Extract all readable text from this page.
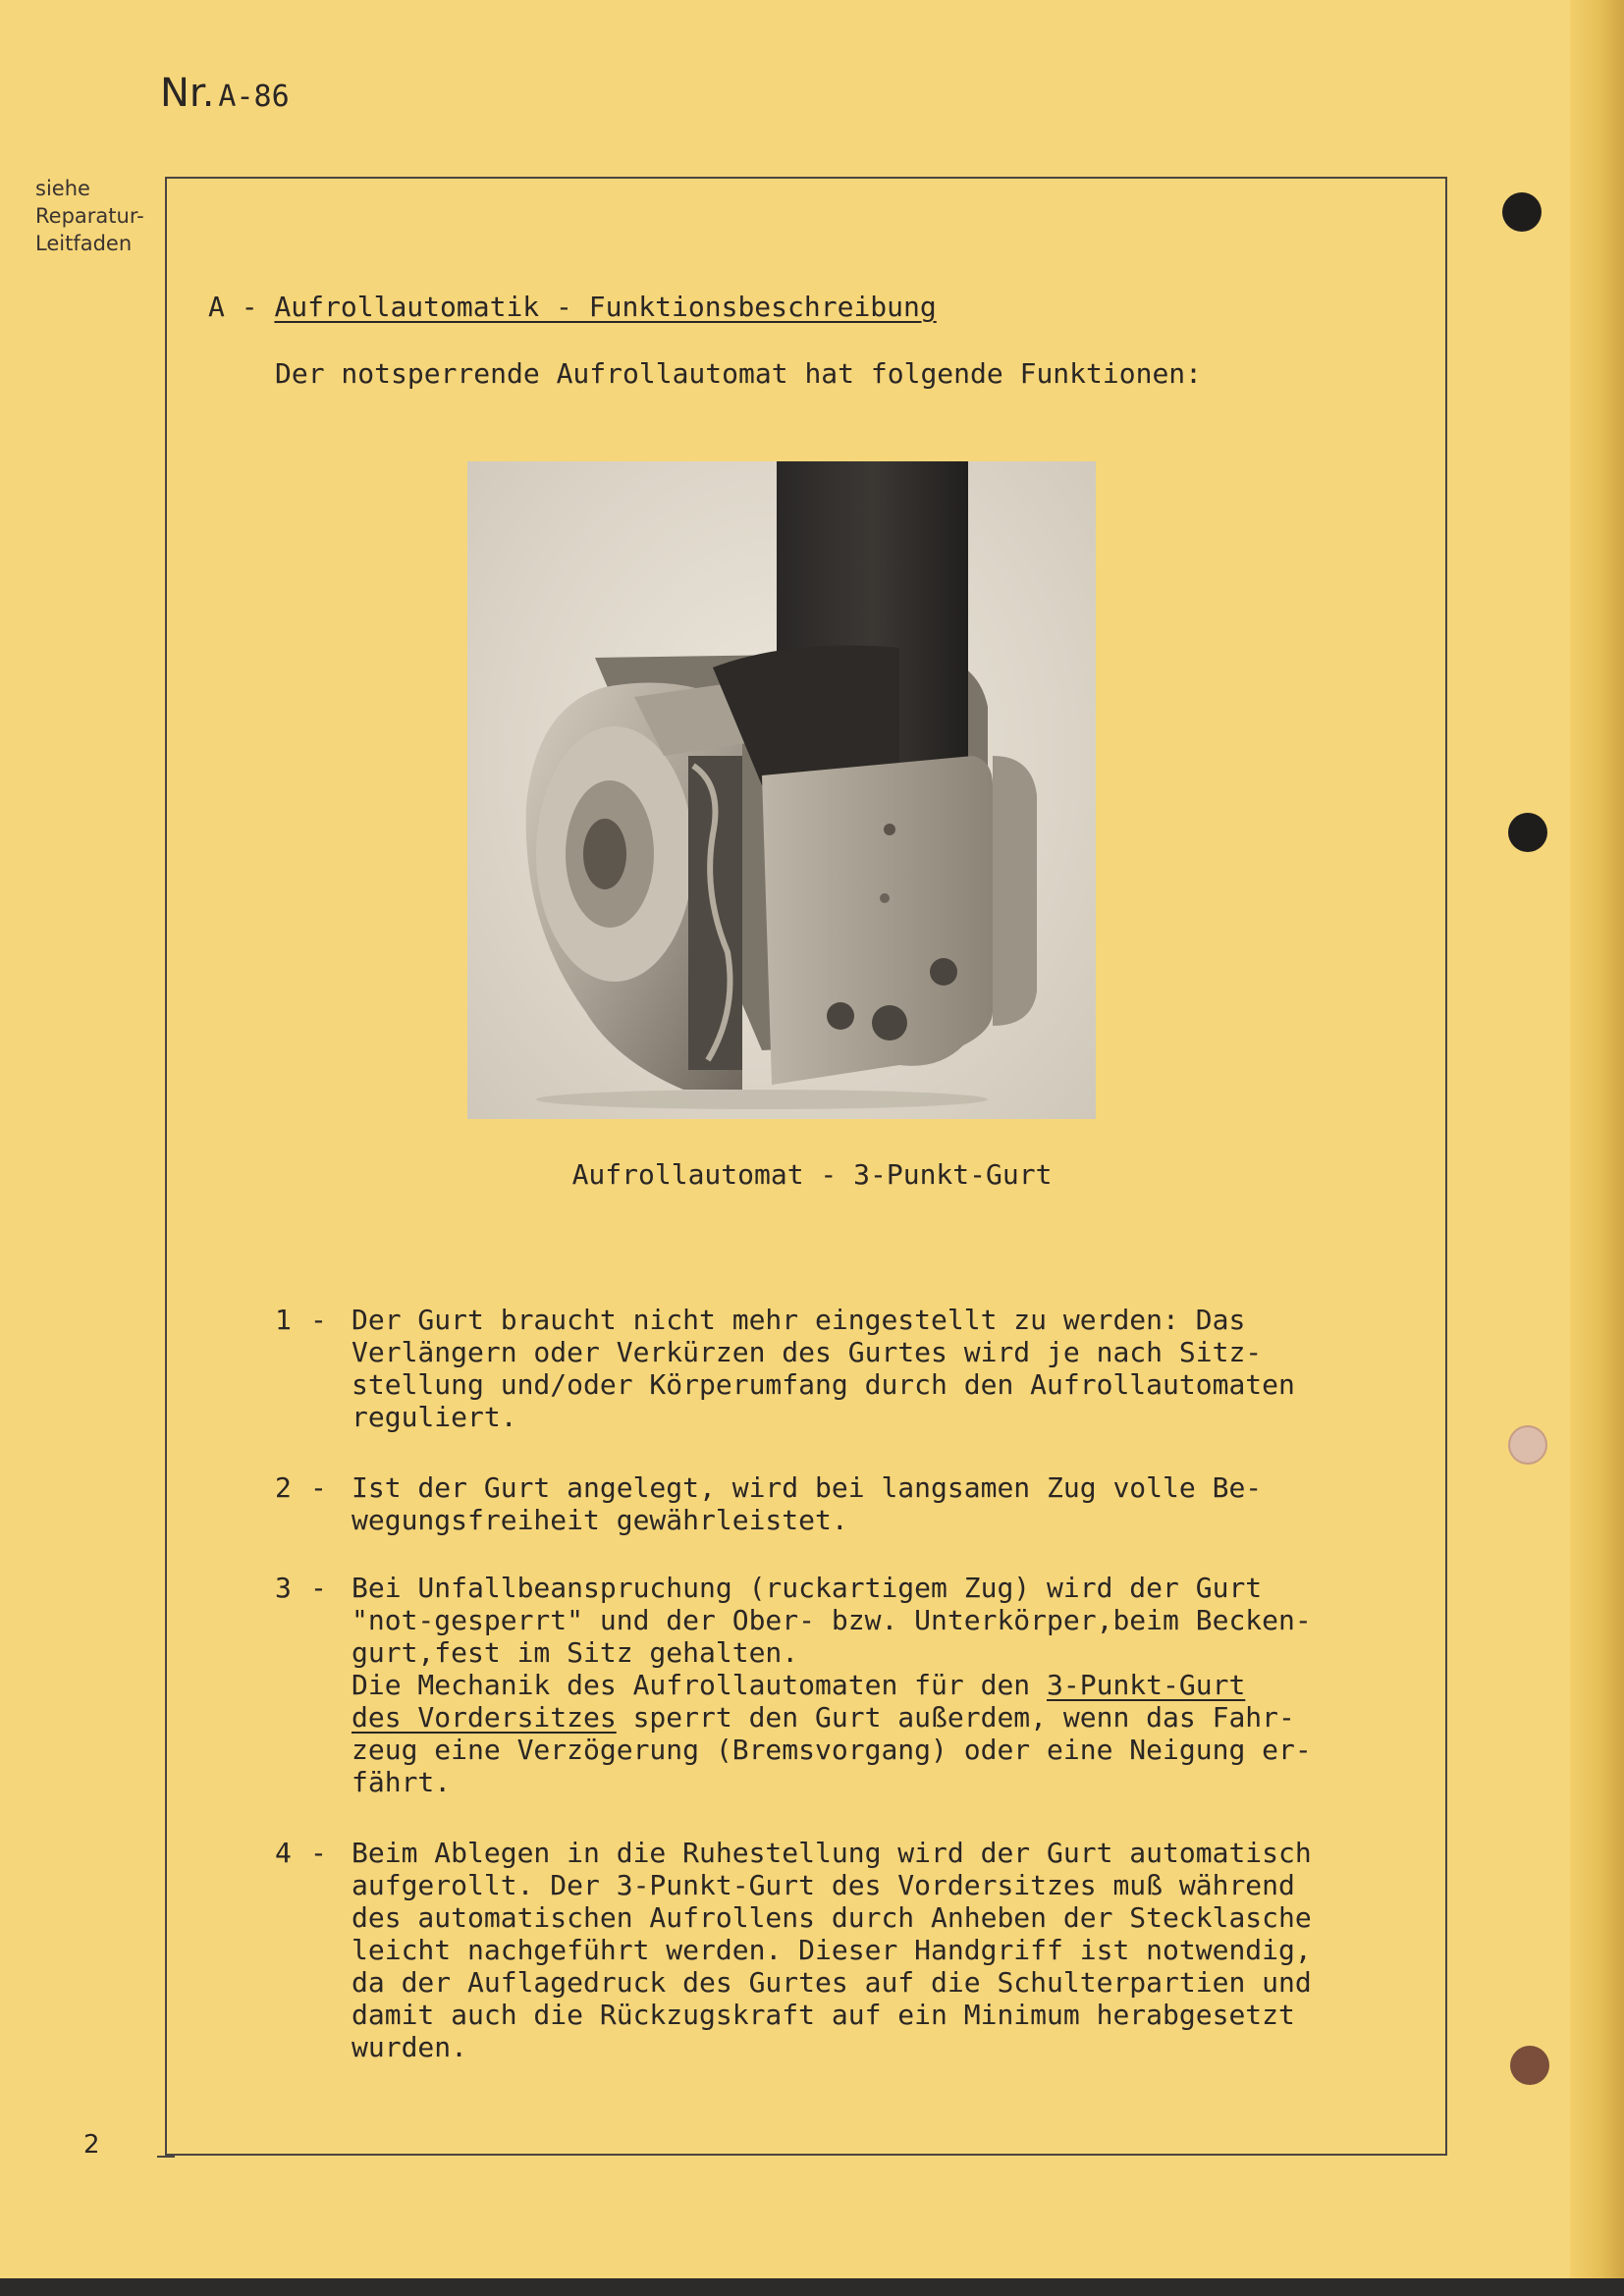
Nr. A-86
siehe
Reparatur-
Leitfaden
2
A - Aufrollautomatik - Funktionsbeschreibung
Der notsperrende Aufrollautomat hat folgende Funktionen:
Aufrollautomat - 3-Punkt-Gurt
1 - Der Gurt braucht nicht mehr eingestellt zu werden: Das

Verlängern oder Verkürzen des Gurtes wird je nach Sitz-

stellung und/oder Körperumfang durch den Aufrollautomaten

reguliert.

2 - Ist der Gurt angelegt, wird bei langsamen Zug volle Be-

wegungsfreiheit gewährleistet.

3 - Bei Unfallbeanspruchung (ruckartigem Zug) wird der Gurt

"not-gesperrt" und der Ober- bzw. Unterkörper,beim Becken-

gurt,fest im Sitz gehalten.

Die Mechanik des Aufrollautomaten für den 3-Punkt-Gurt

des Vordersitzes sperrt den Gurt außerdem, wenn das Fahr-

zeug eine Verzögerung (Bremsvorgang) oder eine Neigung er-

fährt.

4 - Beim Ablegen in die Ruhestellung wird der Gurt automatisch

aufgerollt. Der 3-Punkt-Gurt des Vordersitzes muß während

des automatischen Aufrollens durch Anheben der Stecklasche

leicht nachgeführt werden. Dieser Handgriff ist notwendig,

da der Auflagedruck des Gurtes auf die Schulterpartien und

damit auch die Rückzugskraft auf ein Minimum herabgesetzt

wurden.
